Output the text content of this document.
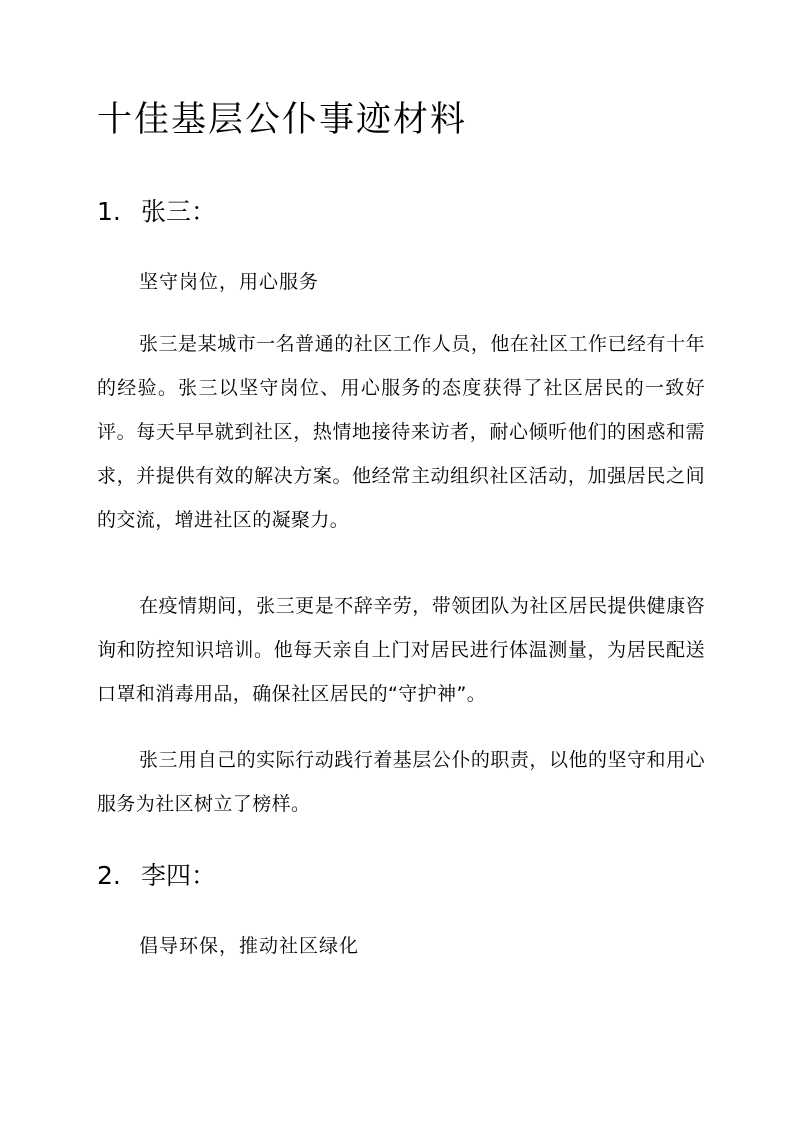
十佳基层公仆事迹材料
1. 张三：

坚守岗位，用心服务

张三是某城市一名普通的社区工作人员，他在社区工作已经有十年的经验。张三以坚守岗位、用心服务的态度获得了社区居民的一致好评。每天早早就到社区，热情地接待来访者，耐心倾听他们的困惑和需求，并提供有效的解决方案。他经常主动组织社区活动，加强居民之间的交流，增进社区的凝聚力。

在疫情期间，张三更是不辞辛劳，带领团队为社区居民提供健康咨询和防控知识培训。他每天亲自上门对居民进行体温测量，为居民配送口罩和消毒用品，确保社区居民的“守护神”。

张三用自己的实际行动践行着基层公仆的职责，以他的坚守和用心服务为社区树立了榜样。

2. 李四：

倡导环保，推动社区绿化
